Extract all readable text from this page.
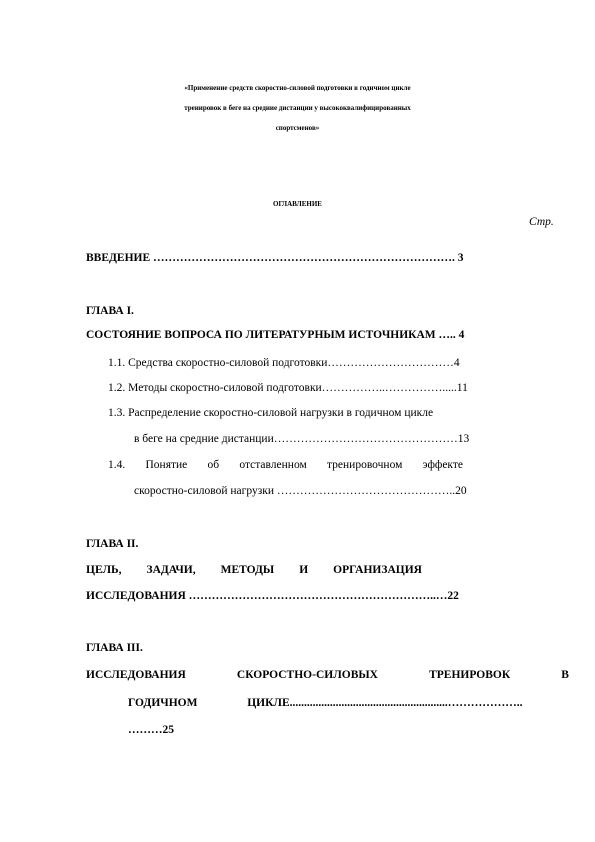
«Применение средств скоростно-силовой подготовки в годичном цикле
тренировок в беге на средние дистанции у высококвалифицированных
спортсменов»
ОГЛАВЛЕНИЕ
Стр.
ВВЕДЕНИЕ ……………………………………………………………………. 3
ГЛАВА I.
СОСТОЯНИЕ ВОПРОСА ПО ЛИТЕРАТУРНЫМ ИСТОЧНИКАМ ….. 4
1.1. Средства скоростно-силовой подготовки……………………………4
1.2. Методы скоростно-силовой подготовки……………..…………….....11
1.3. Распределение скоростно-силовой нагрузки в годичном цикле
в беге на средние дистанции…………………………………………13
1.4. Понятие об отставленном тренировочном эффекте
скоростно-силовой нагрузки ………………………………………..20
ГЛАВА II.
ЦЕЛЬ, ЗАДАЧИ, МЕТОДЫ И ОРГАНИЗАЦИЯ
ИССЛЕДОВАНИЯ ………………………………………………………..…22
ГЛАВА III.
ИССЛЕДОВАНИЯ	СКОРОСТНО-СИЛОВЫХ	ТРЕНИРОВОК	В
ГОДИЧНОМ	ЦИКЛЕ.......................................................………………..
………25
